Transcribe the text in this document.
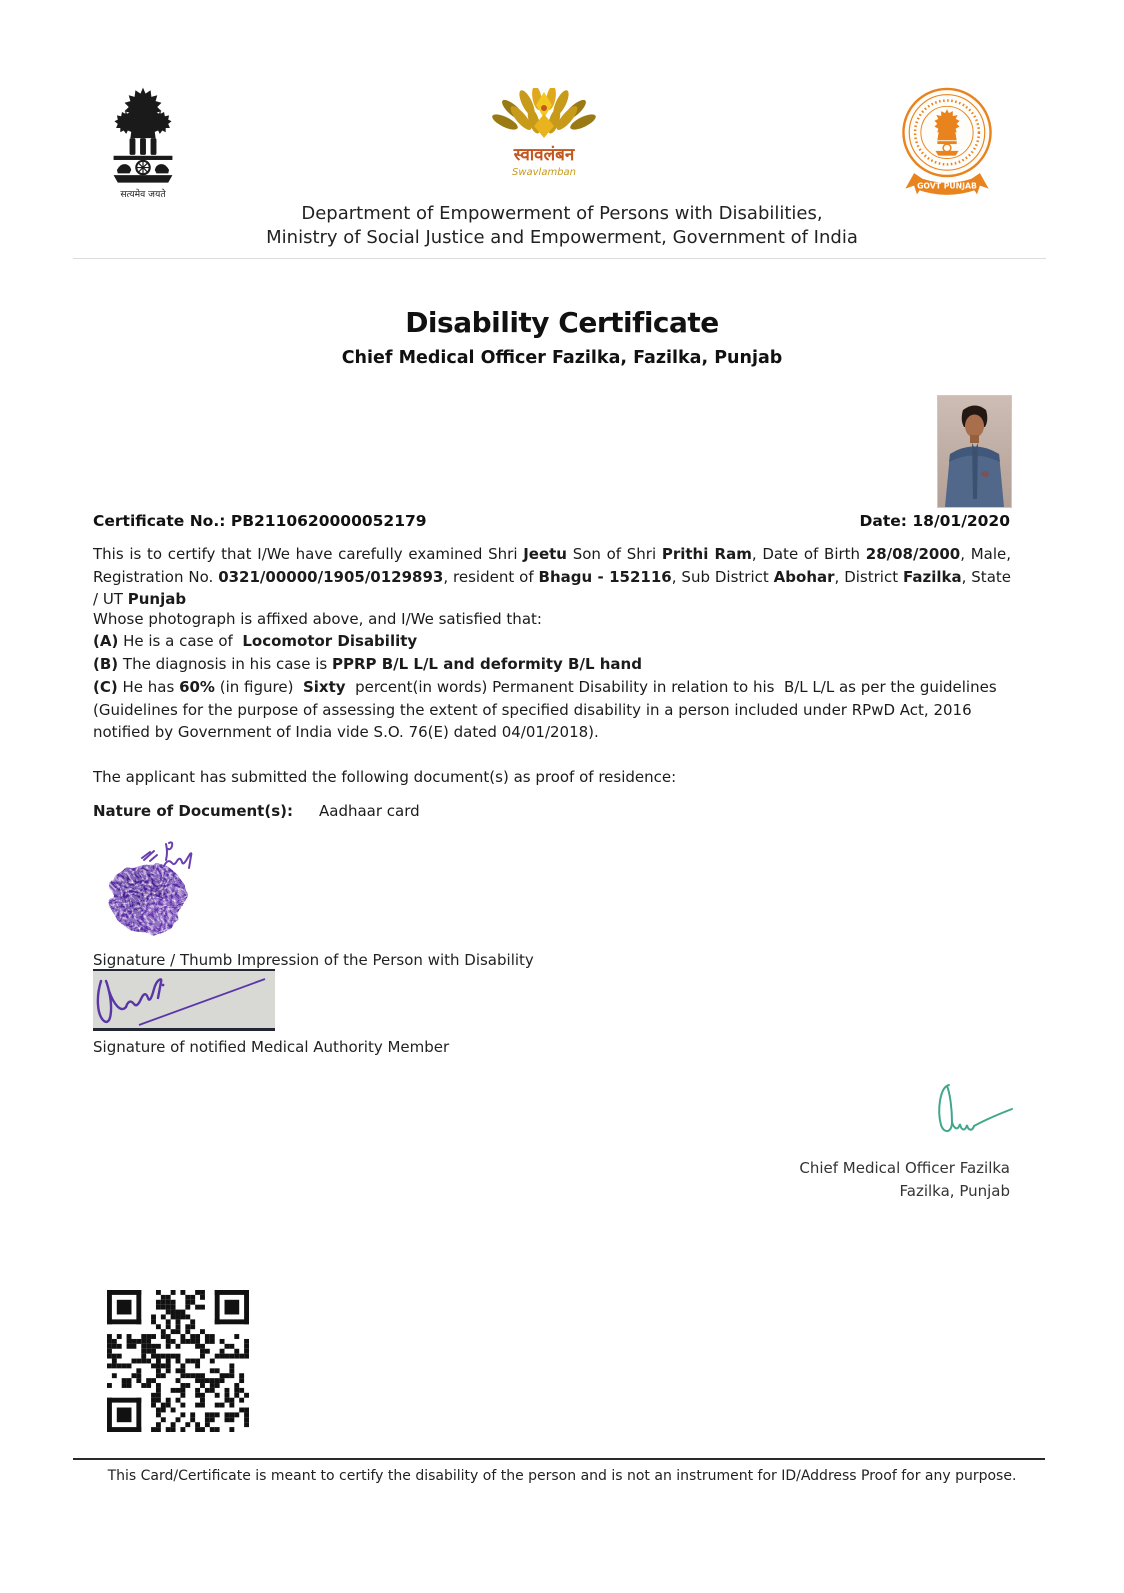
सत्यमेव जयते
स्वावलंबन
Swavlamban
GOVT PUNJAB
Department of Empowerment of Persons with Disabilities,
Ministry of Social Justice and Empowerment, Government of India
Disability Certificate
Chief Medical Officer Fazilka, Fazilka, Punjab
Certificate No.: PB2110620000052179	Date: 18/01/2020
This is to certify that I/We have carefully examined Shri Jeetu Son of Shri Prithi Ram, Date of Birth 28/08/2000, Male, Registration No. 0321/00000/1905/0129893, resident of Bhagu - 152116, Sub District Abohar, District Fazilka, State / UT Punjab
Whose photograph is affixed above, and I/We satisfied that:
(A) He is a case of  Locomotor Disability
(B) The diagnosis in his case is PPRP B/L L/L and deformity B/L hand
(C) He has 60% (in figure)  Sixty  percent(in words) Permanent Disability in relation to his  B/L L/L as per the guidelines (Guidelines for the purpose of assessing the extent of specified disability in a person included under RPwD Act, 2016 notified by Government of India vide S.O. 76(E) dated 04/01/2018).
The applicant has submitted the following document(s) as proof of residence:
Nature of Document(s): Aadhaar card
Signature / Thumb Impression of the Person with Disability
Signature of notified Medical Authority Member
Chief Medical Officer Fazilka
Fazilka, Punjab
This Card/Certificate is meant to certify the disability of the person and is not an instrument for ID/Address Proof for any purpose.
